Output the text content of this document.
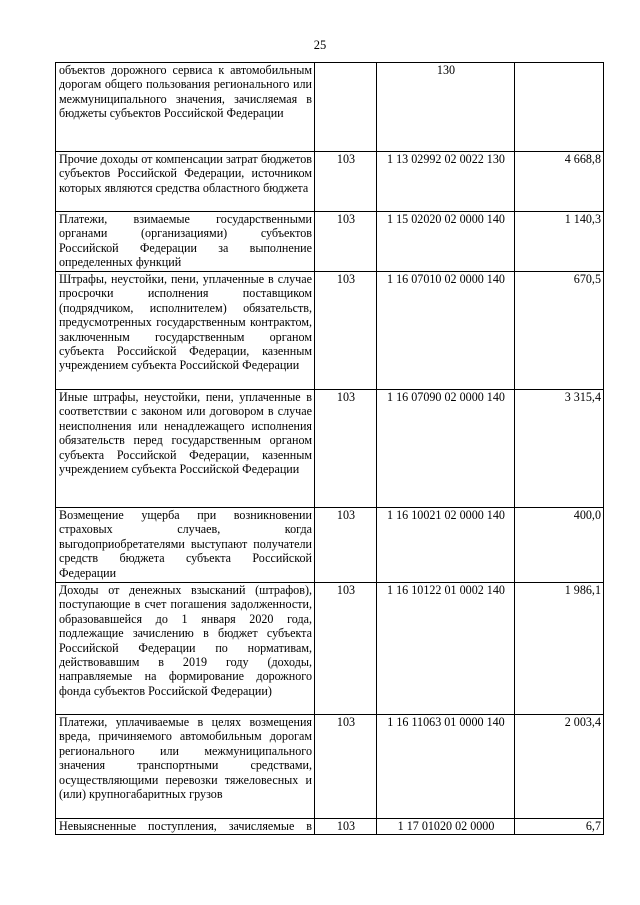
25
объектов дорожного сервиса к автомобильным дорогам общего пользования регионального или межмуниципального значения, зачисляемая в бюджеты субъектов Российской Федерации		130	
Прочие доходы от компенсации затрат бюджетов субъектов Российской Федерации, источником которых являются средства областного бюджета	103	1 13 02992 02 0022 130	4 668,8
Платежи, взимаемые государственными органами (организациями) субъектов Российской Федерации за выполнение определенных функций	103	1 15 02020 02 0000 140	1 140,3
Штрафы, неустойки, пени, уплаченные в случае просрочки исполнения поставщиком (подрядчиком, исполнителем) обязательств, предусмотренных государственным контрактом, заключенным государственным органом субъекта Российской Федерации, казенным учреждением субъекта Российской Федерации	103	1 16 07010 02 0000 140	670,5
Иные штрафы, неустойки, пени, уплаченные в соответствии с законом или договором в случае неисполнения или ненадлежащего исполнения обязательств перед государственным органом субъекта Российской Федерации, казенным учреждением субъекта Российской Федерации	103	1 16 07090 02 0000 140	3 315,4
Возмещение ущерба при возникновении страховых случаев, когда выгодоприобретателями выступают получатели средств бюджета субъекта Российской Федерации	103	1 16 10021 02 0000 140	400,0
Доходы от денежных взысканий (штрафов), поступающие в счет погашения задолженности, образовавшейся до 1 января 2020 года, подлежащие зачислению в бюджет субъекта Российской Федерации по нормативам, действовавшим в 2019 году (доходы, направляемые на формирование дорожного фонда субъектов Российской Федерации)	103	1 16 10122 01 0002 140	1 986,1
Платежи, уплачиваемые в целях возмещения вреда, причиняемого автомобильным дорогам регионального или межмуниципального значения транспортными средствами, осуществляющими перевозки тяжеловесных и (или) крупногабаритных грузов	103	1 16 11063 01 0000 140	2 003,4
Невыясненные поступления, зачисляемые в	103	1 17 01020 02 0000	6,7
